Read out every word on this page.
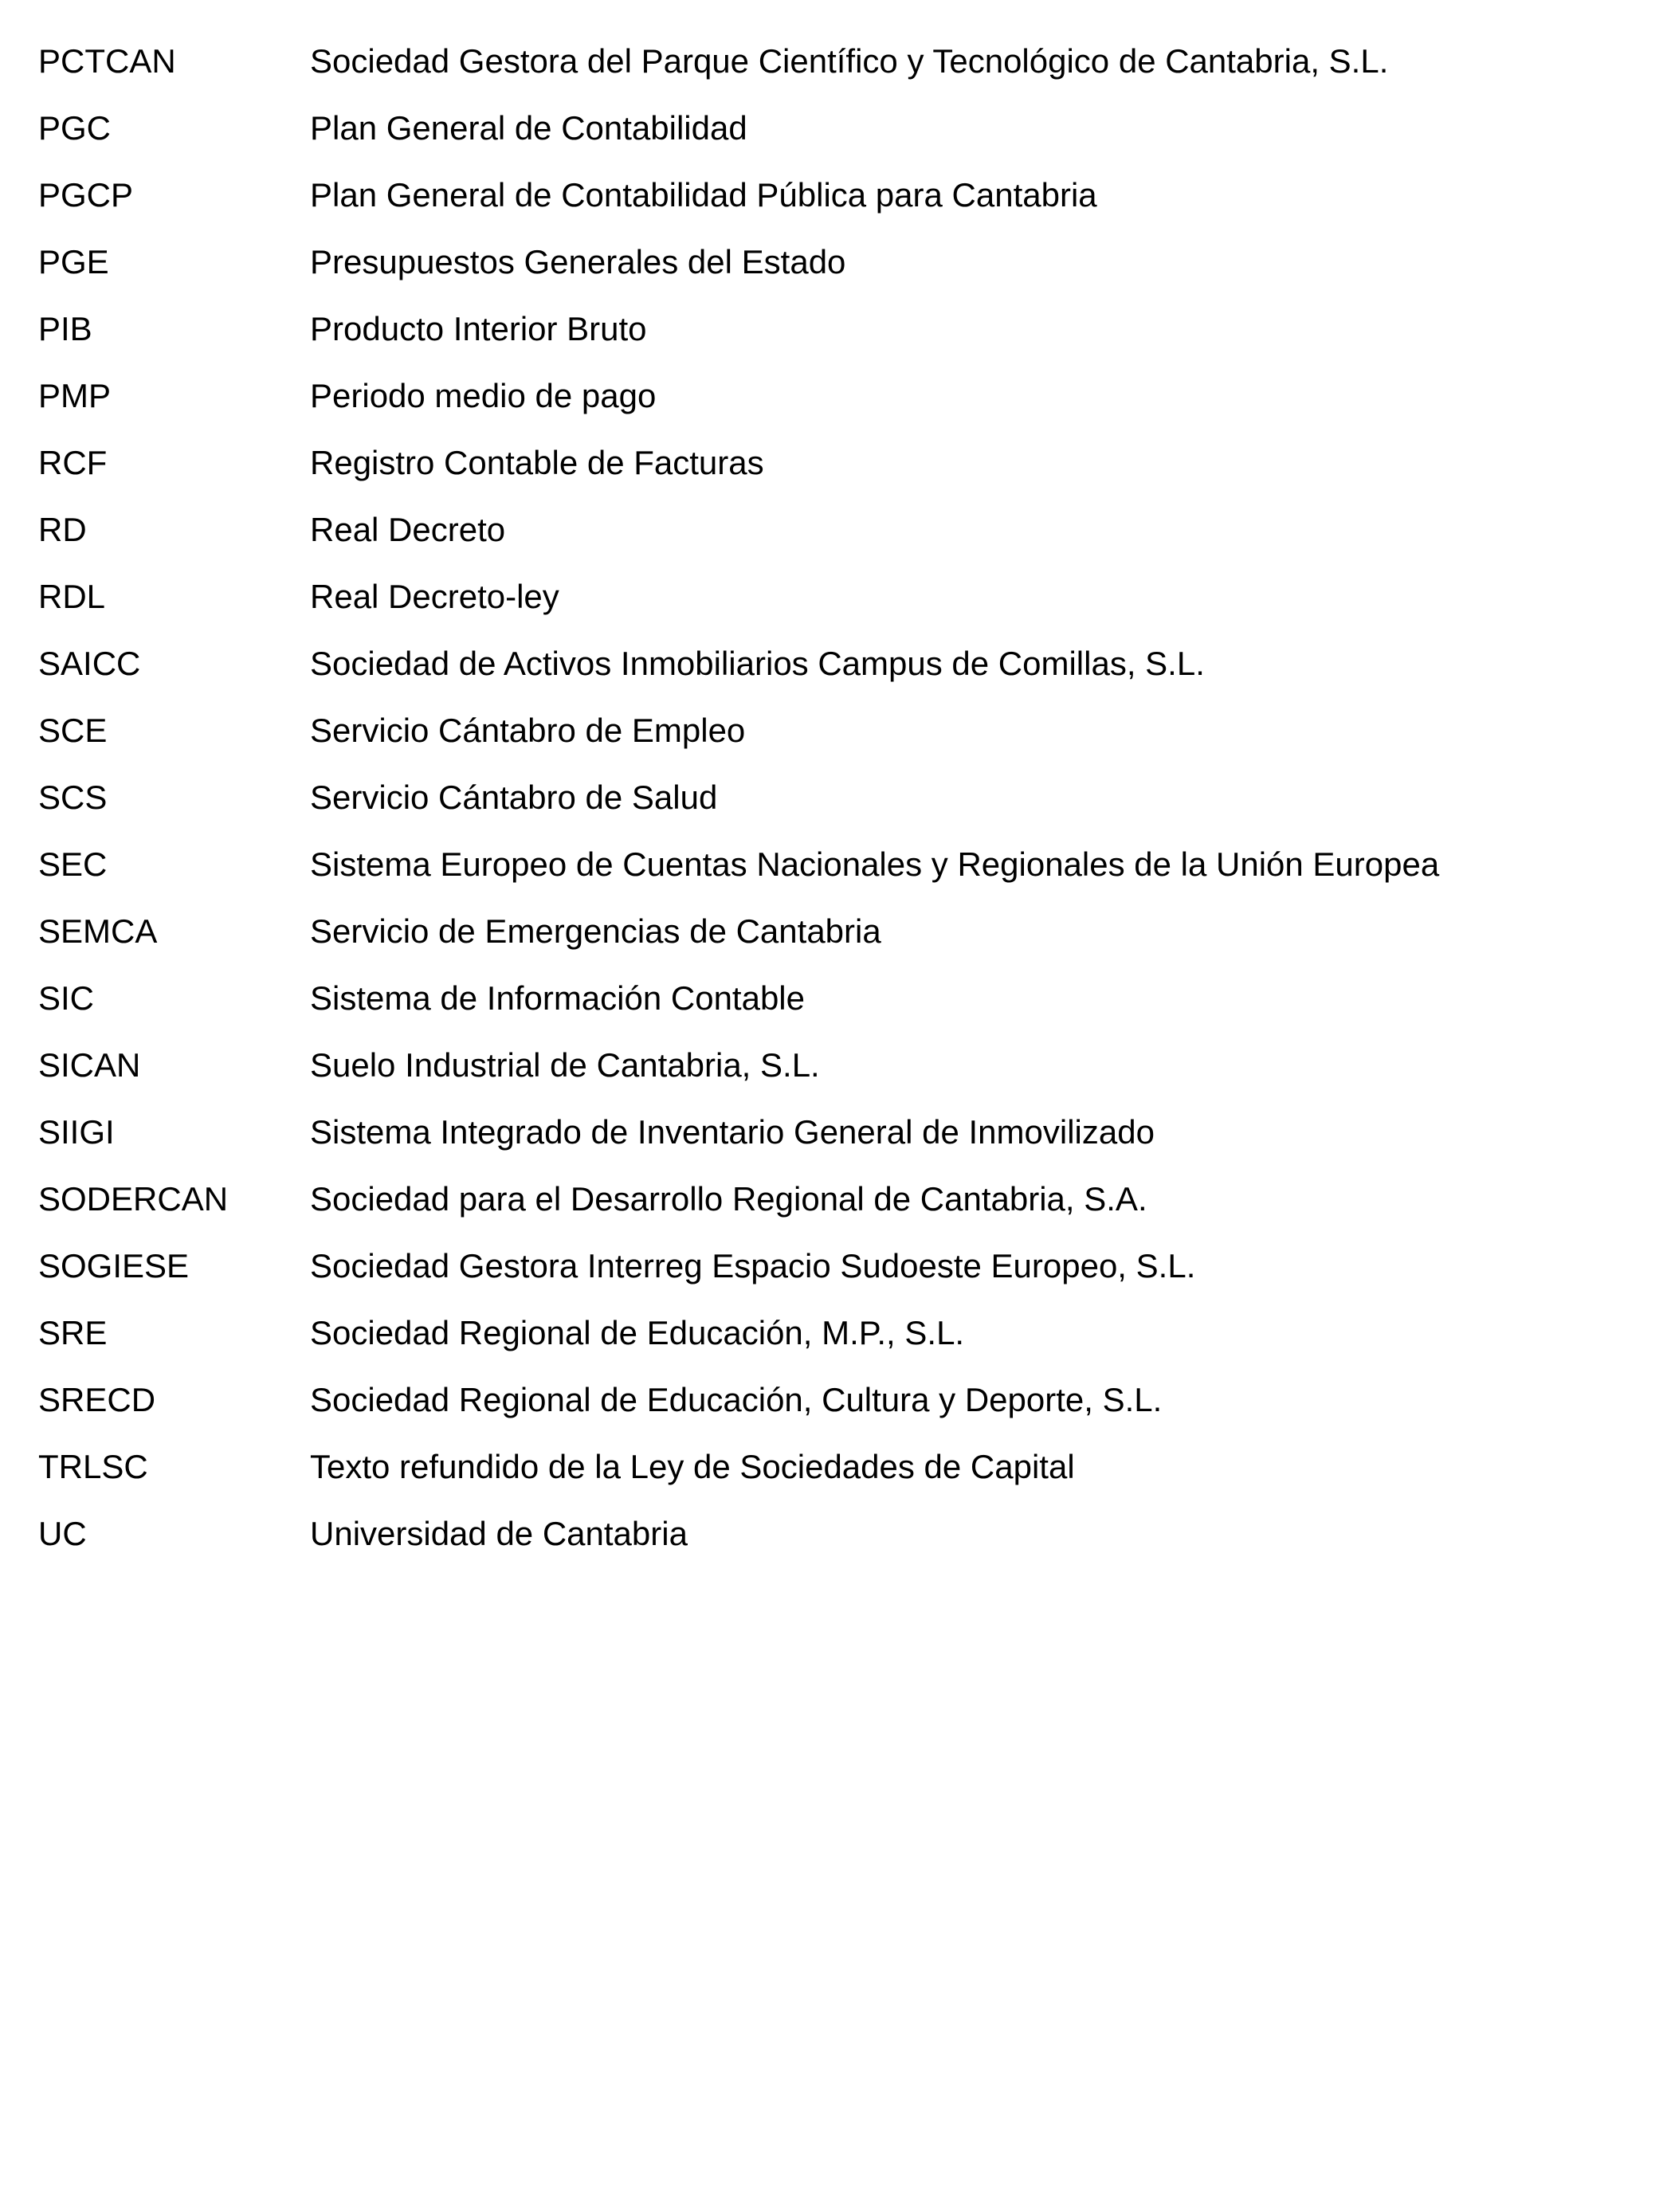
PCTCAN	Sociedad Gestora del Parque Científico y Tecnológico de Cantabria, S.L.
PGC	Plan General de Contabilidad
PGCP	Plan General de Contabilidad Pública para Cantabria
PGE	Presupuestos Generales del Estado
PIB	Producto Interior Bruto
PMP	Periodo medio de pago
RCF	Registro Contable de Facturas
RD	Real Decreto
RDL	Real Decreto-ley
SAICC	Sociedad de Activos Inmobiliarios Campus de Comillas, S.L.
SCE	Servicio Cántabro de Empleo
SCS	Servicio Cántabro de Salud
SEC	Sistema Europeo de Cuentas Nacionales y Regionales de la Unión Europea
SEMCA	Servicio de Emergencias de Cantabria
SIC	Sistema de Información Contable
SICAN	Suelo Industrial de Cantabria, S.L.
SIIGI	Sistema Integrado de Inventario General de Inmovilizado
SODERCAN	Sociedad para el Desarrollo Regional de Cantabria, S.A.
SOGIESE	Sociedad Gestora Interreg Espacio Sudoeste Europeo, S.L.
SRE	Sociedad Regional de Educación, M.P., S.L.
SRECD	Sociedad Regional de Educación, Cultura y Deporte, S.L.
TRLSC	Texto refundido de la Ley de Sociedades de Capital
UC	Universidad de Cantabria
